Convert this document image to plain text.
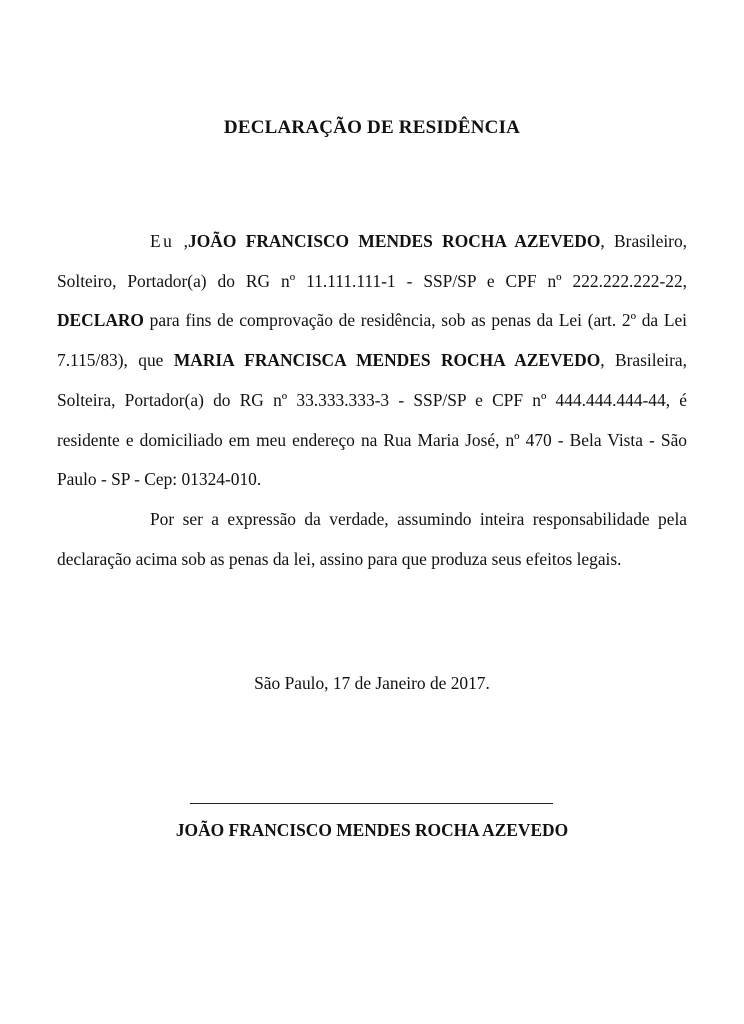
DECLARAÇÃO DE RESIDÊNCIA
Eu ,JOÃO FRANCISCO MENDES ROCHA AZEVEDO, Brasileiro, Solteiro, Portador(a) do RG nº 11.111.111-1 - SSP/SP e CPF nº 222.222.222-22, DECLARO para fins de comprovação de residência, sob as penas da Lei (art. 2º da Lei 7.115/83), que MARIA FRANCISCA MENDES ROCHA AZEVEDO, Brasileira, Solteira, Portador(a) do RG nº 33.333.333-3 - SSP/SP e CPF nº 444.444.444-44, é residente e domiciliado em meu endereço na Rua Maria José, nº 470 - Bela Vista - São Paulo - SP - Cep: 01324-010.
Por ser a expressão da verdade, assumindo inteira responsabilidade pela declaração acima sob as penas da lei, assino para que produza seus efeitos legais.
São Paulo, 17 de Janeiro de 2017.
JOÃO FRANCISCO MENDES ROCHA AZEVEDO
